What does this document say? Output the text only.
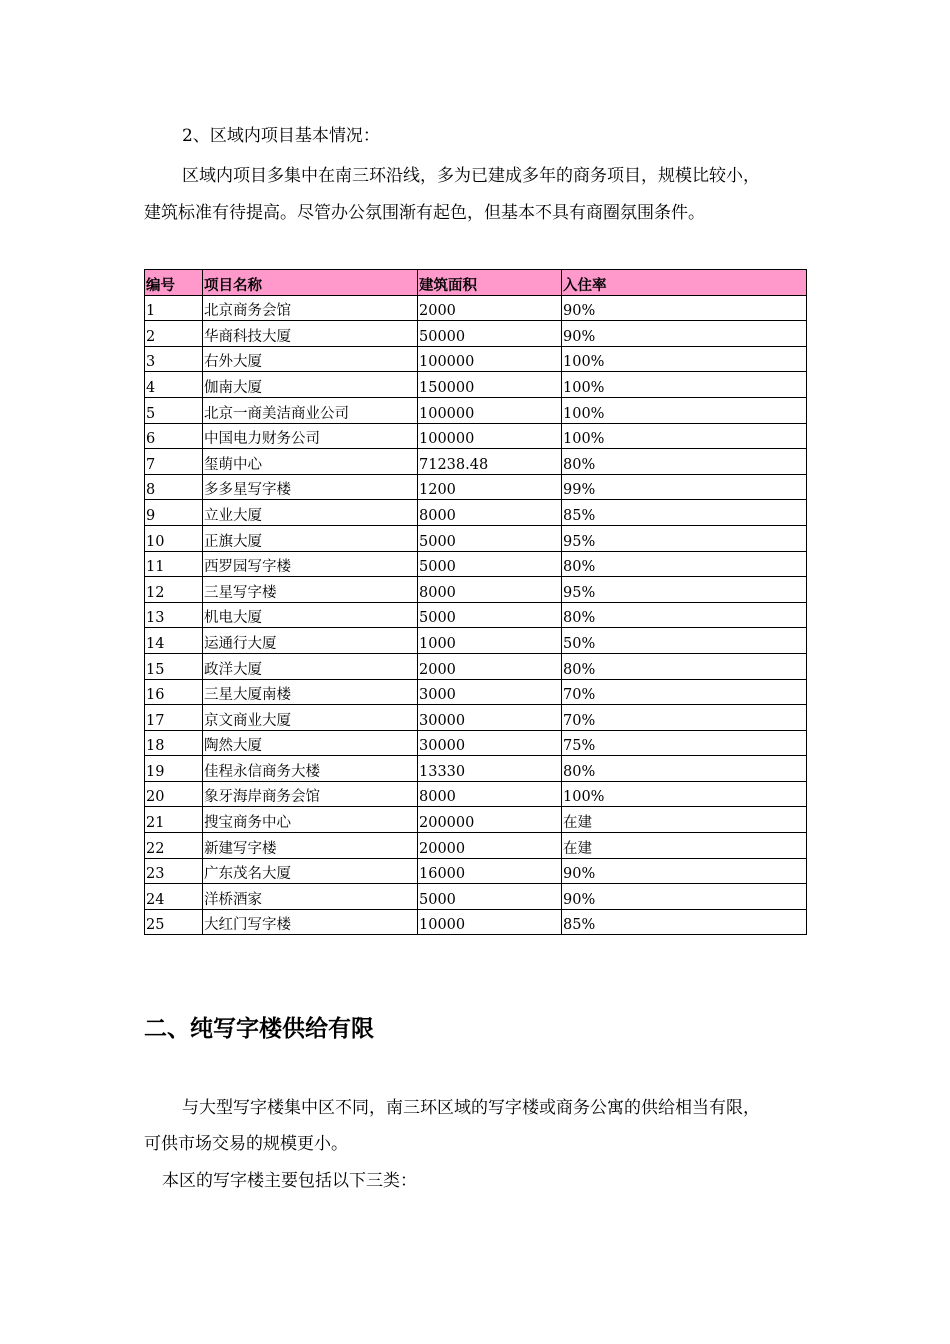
2、区域内项目基本情况：
区域内项目多集中在南三环沿线，多为已建成多年的商务项目，规模比较小，
建筑标准有待提高。尽管办公氛围渐有起色，但基本不具有商圈氛围条件。
编号	项目名称	建筑面积	入住率
1	北京商务会馆	2000	90%
2	华商科技大厦	50000	90%
3	右外大厦	100000	100%
4	伽南大厦	150000	100%
5	北京一商美洁商业公司	100000	100%
6	中国电力财务公司	100000	100%
7	玺萌中心	71238.48	80%
8	多多星写字楼	1200	99%
9	立业大厦	8000	85%
10	正旗大厦	5000	95%
11	西罗园写字楼	5000	80%
12	三星写字楼	8000	95%
13	机电大厦	5000	80%
14	运通行大厦	1000	50%
15	政洋大厦	2000	80%
16	三星大厦南楼	3000	70%
17	京文商业大厦	30000	70%
18	陶然大厦	30000	75%
19	佳程永信商务大楼	13330	80%
20	象牙海岸商务会馆	8000	100%
21	搜宝商务中心	200000	在建
22	新建写字楼	20000	在建
23	广东茂名大厦	16000	90%
24	洋桥酒家	5000	90%
25	大红门写字楼	10000	85%
二、纯写字楼供给有限
与大型写字楼集中区不同，南三环区域的写字楼或商务公寓的供给相当有限，
可供市场交易的规模更小。
本区的写字楼主要包括以下三类：
